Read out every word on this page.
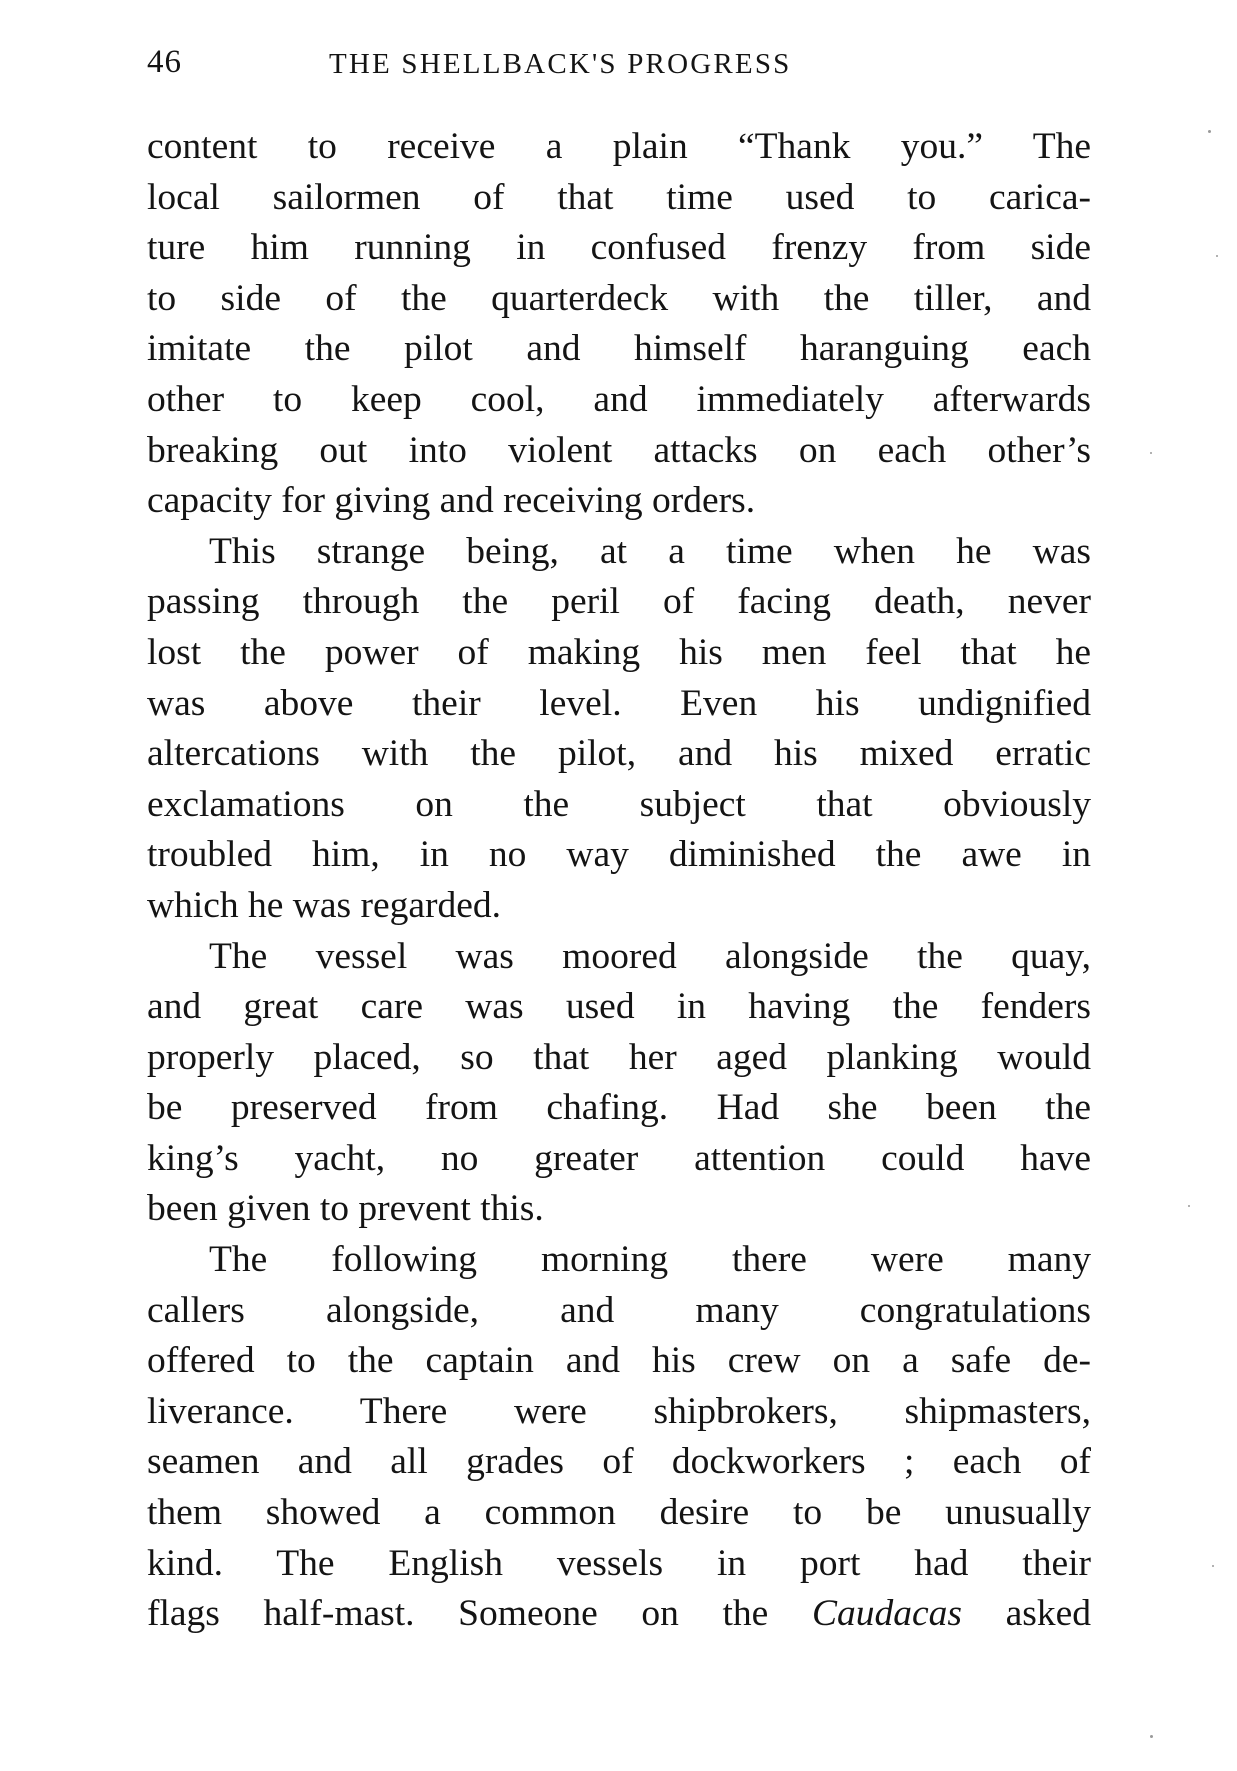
46	THE SHELLBACK'S PROGRESS
content to receive a plain “Thank you.” The
local sailormen of that time used to carica-
ture him running in confused frenzy from side
to side of the quarterdeck with the tiller, and
imitate the pilot and himself haranguing each
other to keep cool, and immediately afterwards
breaking out into violent attacks on each other’s
capacity for giving and receiving orders.
This strange being, at a time when he was
passing through the peril of facing death, never
lost the power of making his men feel that he
was above their level. Even his undignified
altercations with the pilot, and his mixed erratic
exclamations on the subject that obviously
troubled him, in no way diminished the awe in
which he was regarded.
The vessel was moored alongside the quay,
and great care was used in having the fenders
properly placed, so that her aged planking would
be preserved from chafing. Had she been the
king’s yacht, no greater attention could have
been given to prevent this.
The following morning there were many
callers alongside, and many congratulations
offered to the captain and his crew on a safe de-
liverance. There were shipbrokers, shipmasters,
seamen and all grades of dockworkers ; each of
them showed a common desire to be unusually
kind. The English vessels in port had their
flags half-mast. Someone on the Caudacas asked
